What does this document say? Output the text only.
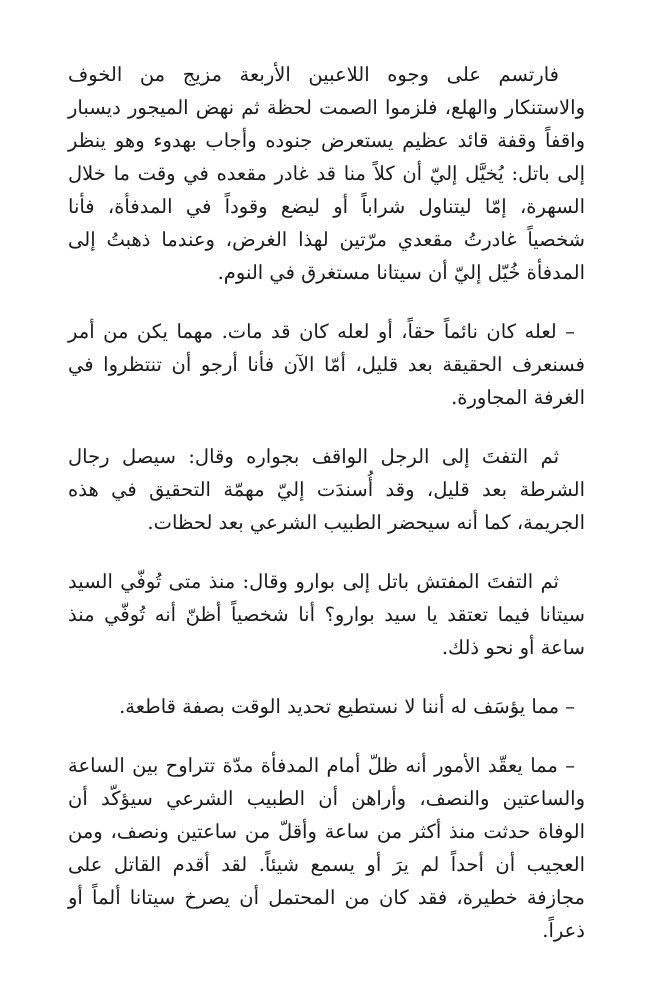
فارتسم على وجوه اللاعبين الأربعة مزيج من الخوف والاستنكار والهلع، فلزموا الصمت لحظة ثم نهض الميجور ديسبار واقفاً وقفة قائد عظيم يستعرض جنوده وأجاب بهدوء وهو ينظر إلى باتل: يُخيَّل إليّ أن كلاً منا قد غادر مقعده في وقت ما خلال السهرة، إمّا ليتناول شراباً أو ليضع وقوداً في المدفأة، فأنا شخصياً غادرتُ مقعدي مرّتين لهذا الغرض، وعندما ذهبتُ إلى المدفأة خُيّل إليّ أن سيتانا مستغرق في النوم.

– لعله كان نائماً حقاً، أو لعله كان قد مات. مهما يكن من أمر فسنعرف الحقيقة بعد قليل، أمّا الآن فأنا أرجو أن تنتظروا في الغرفة المجاورة.

ثم التفتَ إلى الرجل الواقف بجواره وقال: سيصل رجال الشرطة بعد قليل، وقد أُسندَت إليّ مهمّة التحقيق في هذه الجريمة، كما أنه سيحضر الطبيب الشرعي بعد لحظات.

ثم التفتَ المفتش باتل إلى بوارو وقال: منذ متى تُوفّي السيد سيتانا فيما تعتقد يا سيد بوارو؟ أنا شخصياً أظنّ أنه تُوفّي منذ ساعة أو نحو ذلك.

– مما يؤسَف له أننا لا نستطيع تحديد الوقت بصفة قاطعة.

– مما يعقّد الأمور أنه ظلّ أمام المدفأة مدّة تتراوح بين الساعة والساعتين والنصف، وأراهن أن الطبيب الشرعي سيؤكّد أن الوفاة حدثت منذ أكثر من ساعة وأقلّ من ساعتين ونصف، ومن العجيب أن أحداً لم يرَ أو يسمع شيئاً. لقد أقدم القاتل على مجازفة خطيرة، فقد كان من المحتمل أن يصرخ سيتانا ألماً أو ذعراً.
